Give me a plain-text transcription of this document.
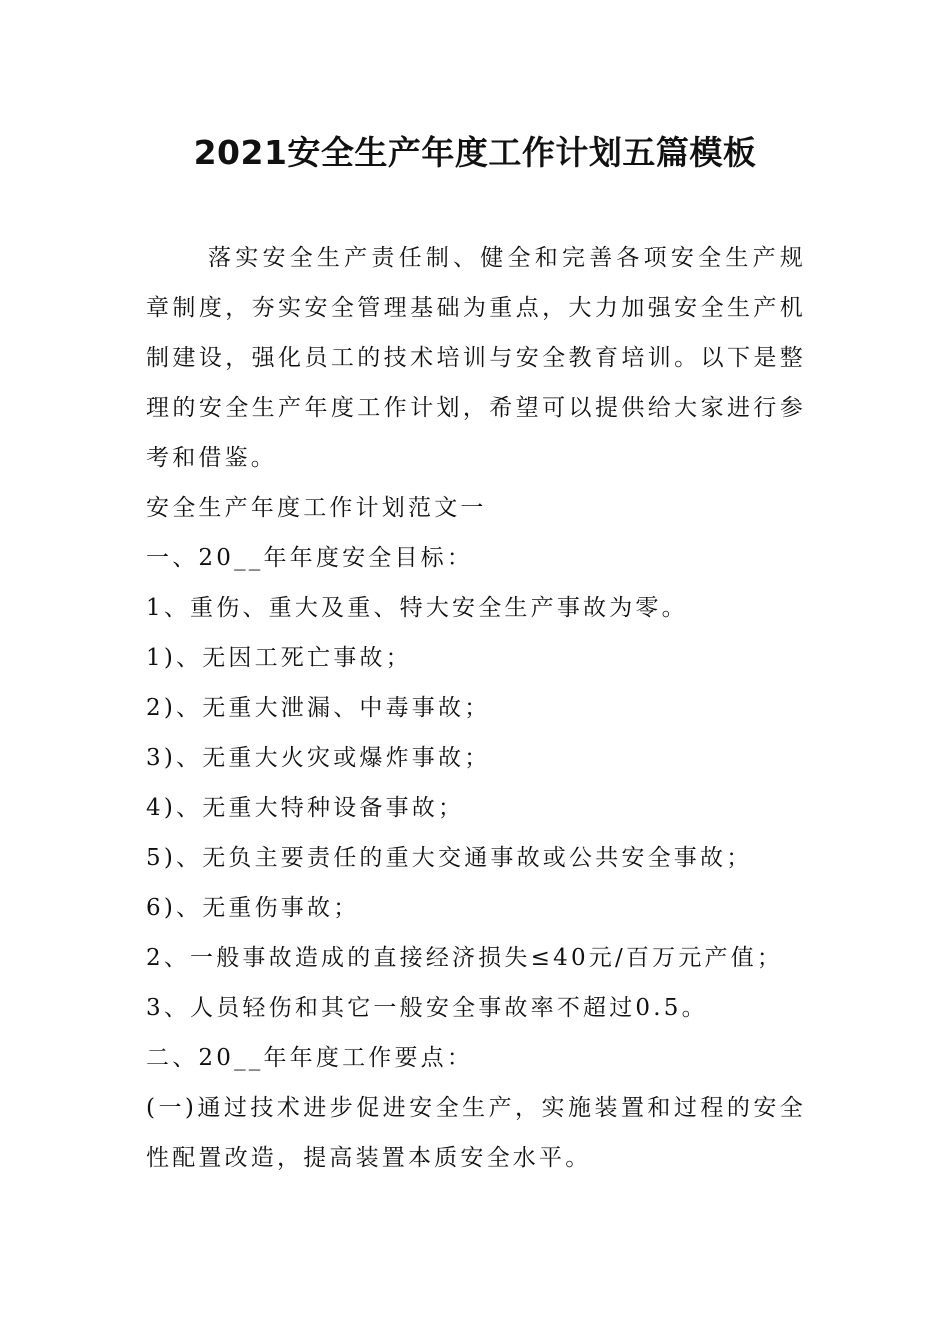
2021安全生产年度工作计划五篇模板

落实安全生产责任制、健全和完善各项安全生产规章制度，夯实安全管理基础为重点，大力加强安全生产机制建设，强化员工的技术培训与安全教育培训。以下是整理的安全生产年度工作计划，希望可以提供给大家进行参考和借鉴。

安全生产年度工作计划范文一

一、20__年年度安全目标：

1、重伤、重大及重、特大安全生产事故为零。

1)、无因工死亡事故；

2)、无重大泄漏、中毒事故；

3)、无重大火灾或爆炸事故；

4)、无重大特种设备事故；

5)、无负主要责任的重大交通事故或公共安全事故；

6)、无重伤事故；

2、一般事故造成的直接经济损失≤40元/百万元产值；

3、人员轻伤和其它一般安全事故率不超过0.5。

二、20__年年度工作要点：

(一)通过技术进步促进安全生产，实施装置和过程的安全性配置改造，提高装置本质安全水平。
